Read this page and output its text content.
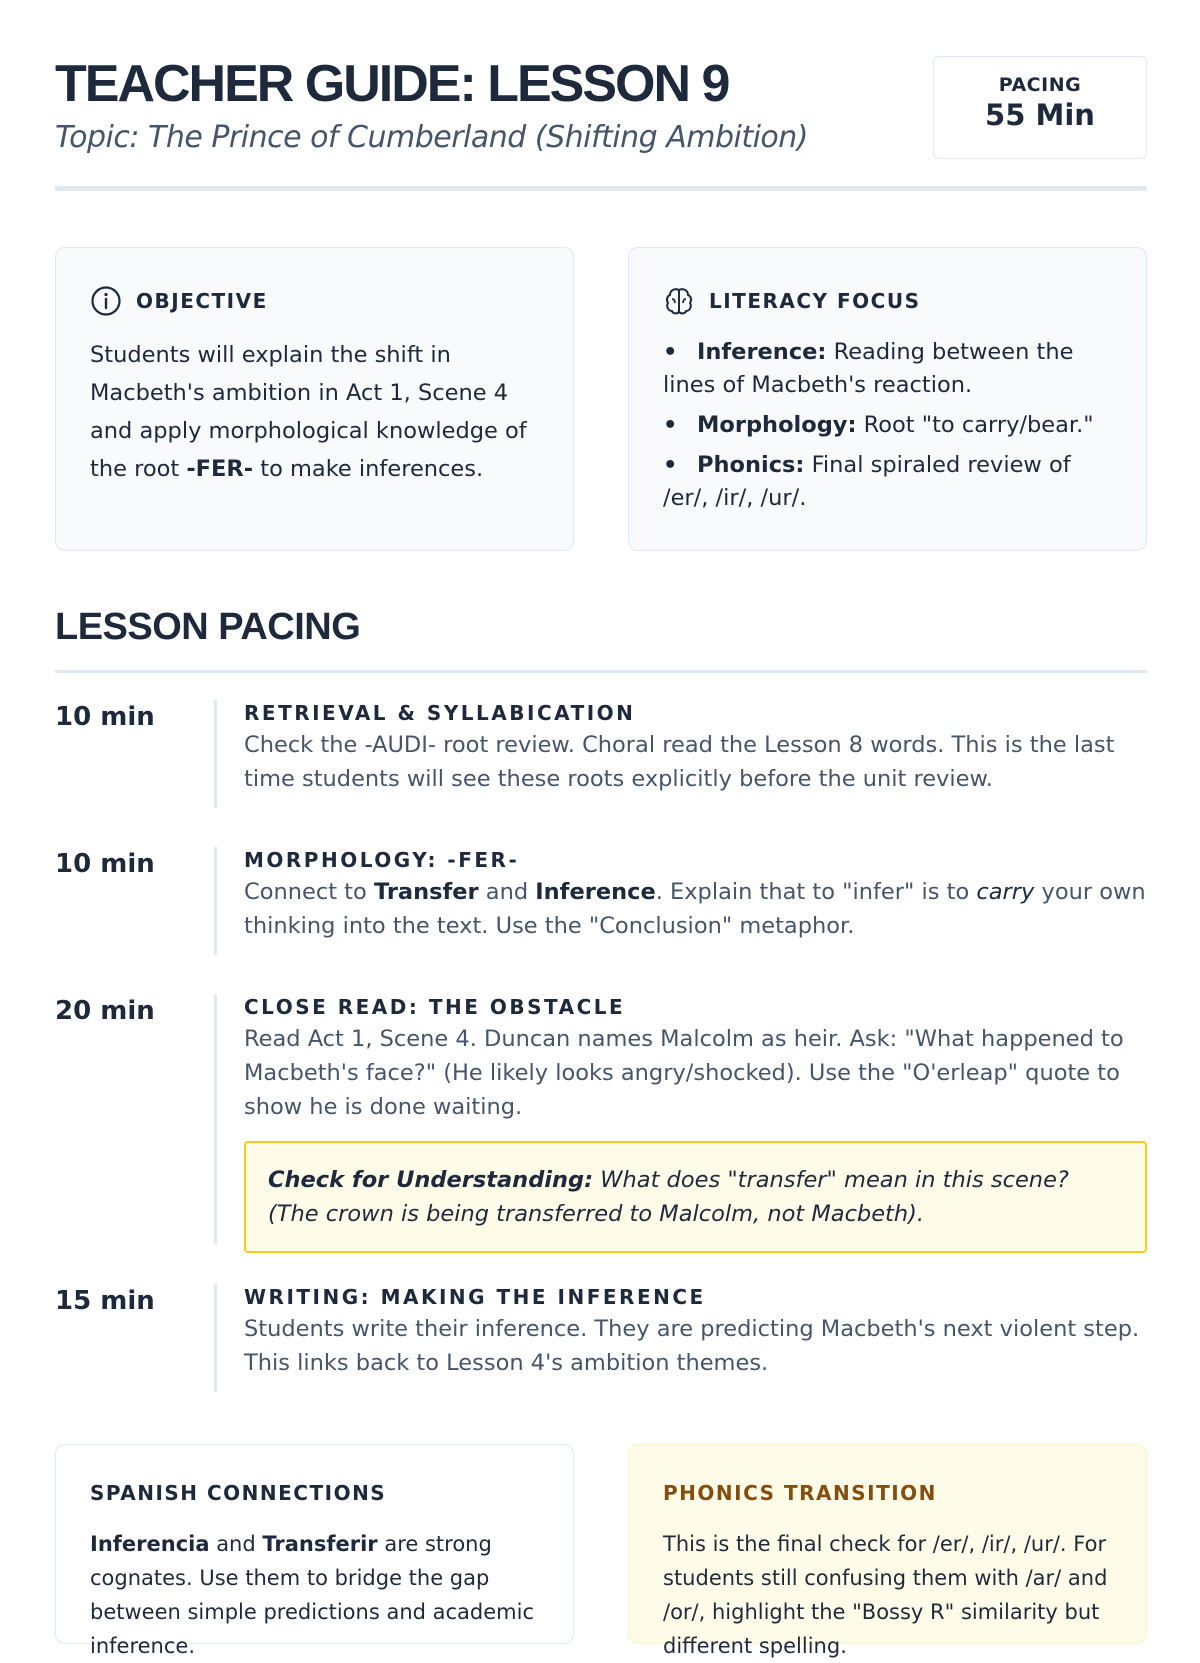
TEACHER GUIDE: LESSON 9
Topic: The Prince of Cumberland (Shifting Ambition)
PACING
55 Min
OBJECTIVE
Students will explain the shift in Macbeth's ambition in Act 1, Scene 4 and apply morphological knowledge of the root -FER- to make inferences.
LITERACY FOCUS
• Inference: Reading between the lines of Macbeth's reaction.
• Morphology: Root "to carry/bear."
• Phonics: Final spiraled review of /er/, /ir/, /ur/.
LESSON PACING
10 min	RETRIEVAL & SYLLABICATION
Check the -AUDI- root review. Choral read the Lesson 8 words. This is the last time students will see these roots explicitly before the unit review.
10 min	MORPHOLOGY: -FER-
Connect to Transfer and Inference. Explain that to "infer" is to carry your own thinking into the text. Use the "Conclusion" metaphor.
20 min	CLOSE READ: THE OBSTACLE
Read Act 1, Scene 4. Duncan names Malcolm as heir. Ask: "What happened to Macbeth's face?" (He likely looks angry/shocked). Use the "O'erleap" quote to show he is done waiting.
Check for Understanding: What does "transfer" mean in this scene? (The crown is being transferred to Malcolm, not Macbeth).
15 min	WRITING: MAKING THE INFERENCE
Students write their inference. They are predicting Macbeth's next violent step. This links back to Lesson 4's ambition themes.
SPANISH CONNECTIONS
Inferencia and Transferir are strong cognates. Use them to bridge the gap between simple predictions and academic inference.
PHONICS TRANSITION
This is the final check for /er/, /ir/, /ur/. For students still confusing them with /ar/ and /or/, highlight the "Bossy R" similarity but different spelling.
